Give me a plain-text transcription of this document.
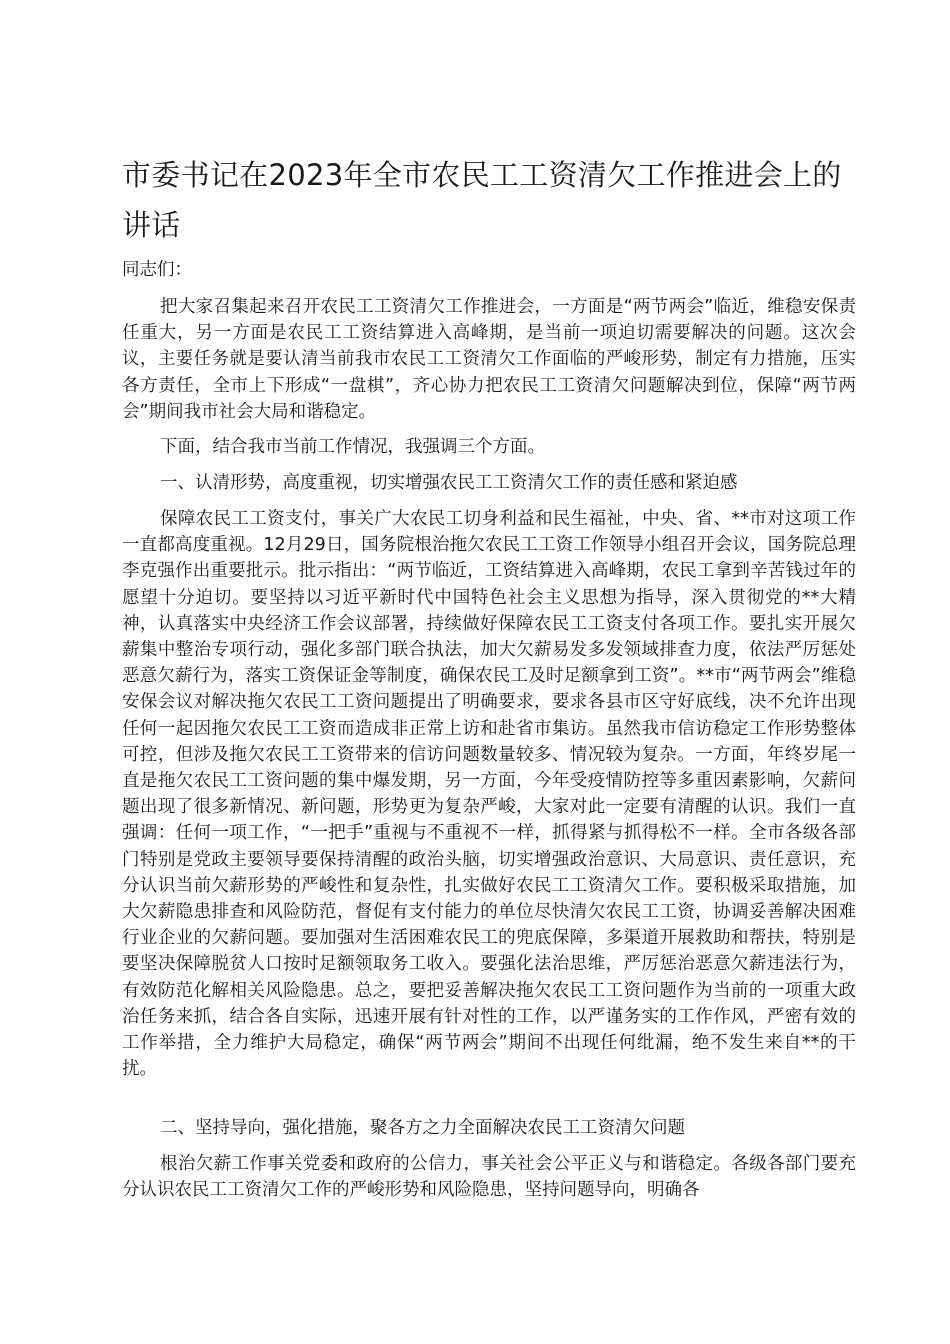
市委书记在2023年全市农民工工资清欠工作推进会上的讲话

同志们：

把大家召集起来召开农民工工资清欠工作推进会，一方面是“两节两会”临近，维稳安保责任重大，另一方面是农民工工资结算进入高峰期，是当前一项迫切需要解决的问题。这次会议，主要任务就是要认清当前我市农民工工资清欠工作面临的严峻形势，制定有力措施，压实各方责任，全市上下形成“一盘棋”，齐心协力把农民工工资清欠问题解决到位，保障“两节两会”期间我市社会大局和谐稳定。

下面，结合我市当前工作情况，我强调三个方面。

一、认清形势，高度重视，切实增强农民工工资清欠工作的责任感和紧迫感

保障农民工工资支付，事关广大农民工切身利益和民生福祉，中央、省、**市对这项工作一直都高度重视。12月29日，国务院根治拖欠农民工工资工作领导小组召开会议，国务院总理李克强作出重要批示。批示指出：“两节临近，工资结算进入高峰期，农民工拿到辛苦钱过年的愿望十分迫切。要坚持以习近平新时代中国特色社会主义思想为指导，深入贯彻党的**大精神，认真落实中央经济工作会议部署，持续做好保障农民工工资支付各项工作。要扎实开展欠薪集中整治专项行动，强化多部门联合执法，加大欠薪易发多发领域排查力度，依法严厉惩处恶意欠薪行为，落实工资保证金等制度，确保农民工及时足额拿到工资”。**市“两节两会”维稳安保会议对解决拖欠农民工工资问题提出了明确要求，要求各县市区守好底线，决不允许出现任何一起因拖欠农民工工资而造成非正常上访和赴省市集访。虽然我市信访稳定工作形势整体可控，但涉及拖欠农民工工资带来的信访问题数量较多、情况较为复杂。一方面，年终岁尾一直是拖欠农民工工资问题的集中爆发期，另一方面，今年受疫情防控等多重因素影响，欠薪问题出现了很多新情况、新问题，形势更为复杂严峻，大家对此一定要有清醒的认识。我们一直强调：任何一项工作，“一把手”重视与不重视不一样，抓得紧与抓得松不一样。全市各级各部门特别是党政主要领导要保持清醒的政治头脑，切实增强政治意识、大局意识、责任意识，充分认识当前欠薪形势的严峻性和复杂性，扎实做好农民工工资清欠工作。要积极采取措施，加大欠薪隐患排查和风险防范，督促有支付能力的单位尽快清欠农民工工资，协调妥善解决困难行业企业的欠薪问题。要加强对生活困难农民工的兜底保障，多渠道开展救助和帮扶，特别是要坚决保障脱贫人口按时足额领取务工收入。要强化法治思维，严厉惩治恶意欠薪违法行为，有效防范化解相关风险隐患。总之，要把妥善解决拖欠农民工工资问题作为当前的一项重大政治任务来抓，结合各自实际，迅速开展有针对性的工作，以严谨务实的工作作风，严密有效的工作举措，全力维护大局稳定，确保“两节两会”期间不出现任何纰漏，绝不发生来自**的干扰。

二、坚持导向，强化措施，聚各方之力全面解决农民工工资清欠问题

根治欠薪工作事关党委和政府的公信力，事关社会公平正义与和谐稳定。各级各部门要充分认识农民工工资清欠工作的严峻形势和风险隐患，坚持问题导向，明确各
